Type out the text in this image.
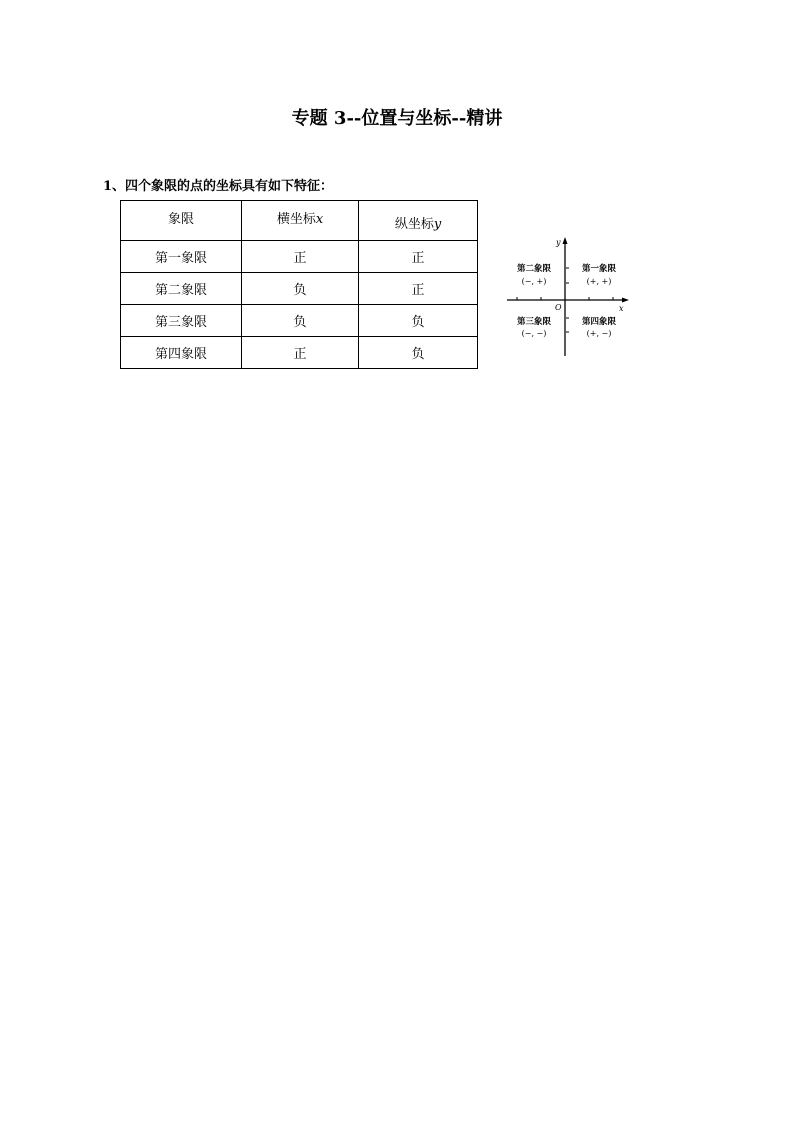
专题 3--位置与坐标--精讲
1、四个象限的点的坐标具有如下特征：
象限	横坐标x	纵坐标y
第一象限	正	正
第二象限	负	正
第三象限	负	负
第四象限	正	负
y
x
O
第二象限
(−, +)
第一象限
(+, +)
第三象限
(−, −)
第四象限
(+, −)
